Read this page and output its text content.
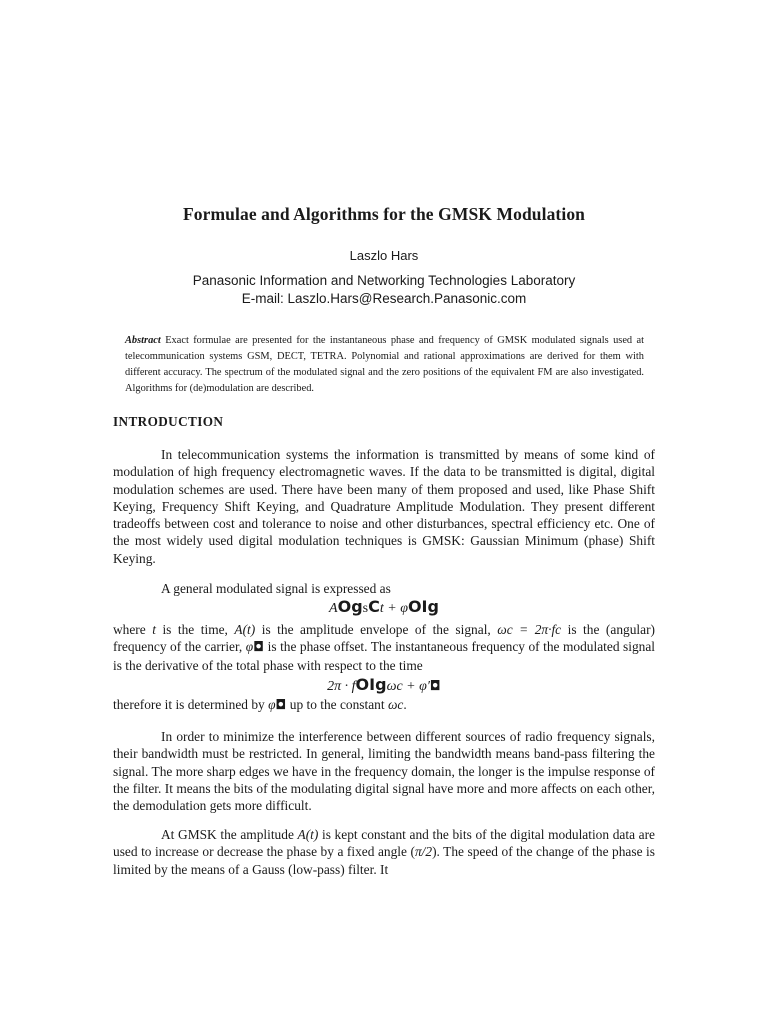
Formulae and Algorithms for the GMSK Modulation
Laszlo Hars
Panasonic Information and Networking Technologies Laboratory
E-mail: Laszlo.Hars@Research.Panasonic.com
Abstract Exact formulae are presented for the instantaneous phase and frequency of GMSK modulated signals used at telecommunication systems GSM, DECT, TETRA. Polynomial and rational approximations are derived for them with different accuracy. The spectrum of the modulated signal and the zero positions of the equivalent FM are also investigated. Algorithms for (de)modulation are described.
INTRODUCTION

In telecommunication systems the information is transmitted by means of some kind of modulation of high frequency electromagnetic waves. If the data to be transmitted is digital, digital modulation schemes are used. There have been many of them proposed and used, like Phase Shift Keying, Frequency Shift Keying, and Quadrature Amplitude Modulation. They present different tradeoffs between cost and tolerance to noise and other disturbances, spectral efficiency etc. One of the most widely used digital modulation techniques is GMSK: Gaussian Minimum (phase) Shift Keying.

A general modulated signal is expressed as

AΟgsCt + φΟΙg

where t is the time, A(t) is the amplitude envelope of the signal, ωc = 2π·fc is the (angular) frequency of the carrier, φ◘ is the phase offset. The instantaneous frequency of the modulated signal is the derivative of the total phase with respect to the time

2π · fΟΙgωc + φ′◘

therefore it is determined by φ◘ up to the constant ωc.

In order to minimize the interference between different sources of radio frequency signals, their bandwidth must be restricted. In general, limiting the bandwidth means band-pass filtering the signal. The more sharp edges we have in the frequency domain, the longer is the impulse response of the filter. It means the bits of the modulating digital signal have more and more affects on each other, the demodulation gets more difficult.

At GMSK the amplitude A(t) is kept constant and the bits of the digital modulation data are used to increase or decrease the phase by a fixed angle (π/2). The speed of the change of the phase is limited by the means of a Gauss (low-pass) filter. It
